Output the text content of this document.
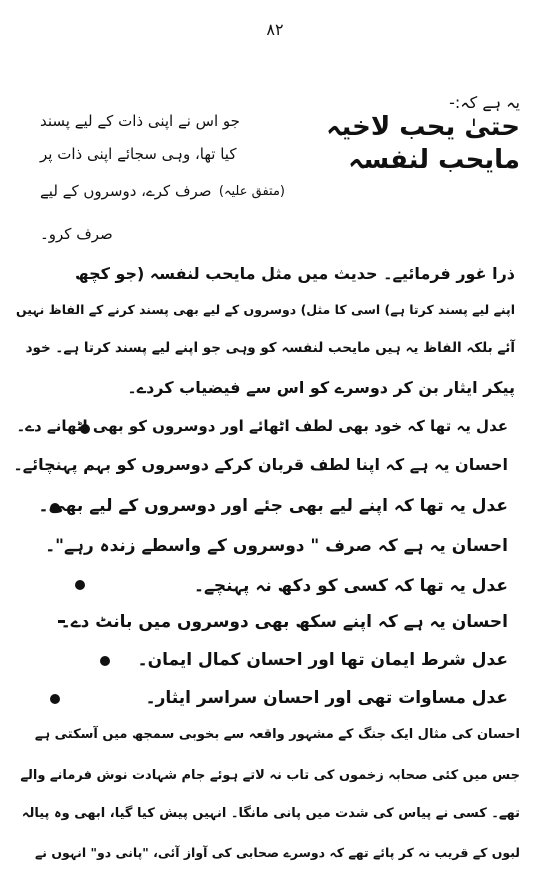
۸۲
یہ ہے کہ:-
حتیٰ یحب لاخیہ
مایحب لنفسہ
(متفق علیہ)
جو اس نے اپنی ذات کے لیے پسند
کیا تھا، وہی سجائے اپنی ذات پر
صرف کرے، دوسروں کے لیے
صرف کرو۔
ذرا غور فرمائیے۔ حدیث میں مثل مایحب لنفسہ (جو کچھ
اپنے لیے پسند کرتا ہے) اسی کا مثل) دوسروں کے لیے بھی پسند کرنے کے الفاظ نہیں
آئے بلکہ الفاظ یہ ہیں مایحب لنفسہ کو وہی جو اپنے لیے پسند کرتا ہے۔ خود
پیکر ایثار بن کر دوسرے کو اس سے فیضیاب کردے۔
عدل یہ تھا کہ خود بھی لطف اٹھائے اور دوسروں کو بھی اٹھانے دے۔
احسان یہ ہے کہ اپنا لطف قربان کرکے دوسروں کو بہم پہنچائے۔
عدل یہ تھا کہ اپنے لیے بھی جئے اور دوسروں کے لیے بھی۔
احسان یہ ہے کہ صرف " دوسروں کے واسطے زندہ رہے"۔
عدل یہ تھا کہ کسی کو دکھ نہ پہنچے۔
احسان یہ ہے کہ اپنے سکھ بھی دوسروں میں بانٹ دے۔
عدل شرط ایمان تھا اور احسان کمال ایمان۔
عدل مساوات تھی اور احسان سراسر ایثار۔
احسان کی مثال ایک جنگ کے مشہور واقعہ سے بخوبی سمجھ میں آسکتی ہے
جس میں کئی صحابہ زخموں کی تاب نہ لاتے ہوئے جام شہادت نوش فرمانے والے
تھے۔ کسی نے پیاس کی شدت میں پانی مانگا۔ انہیں پیش کیا گیا، ابھی وہ پیالہ
لبوں کے قریب نہ کر پائے تھے کہ دوسرے صحابی کی آواز آئی، "پانی دو" انہوں نے
